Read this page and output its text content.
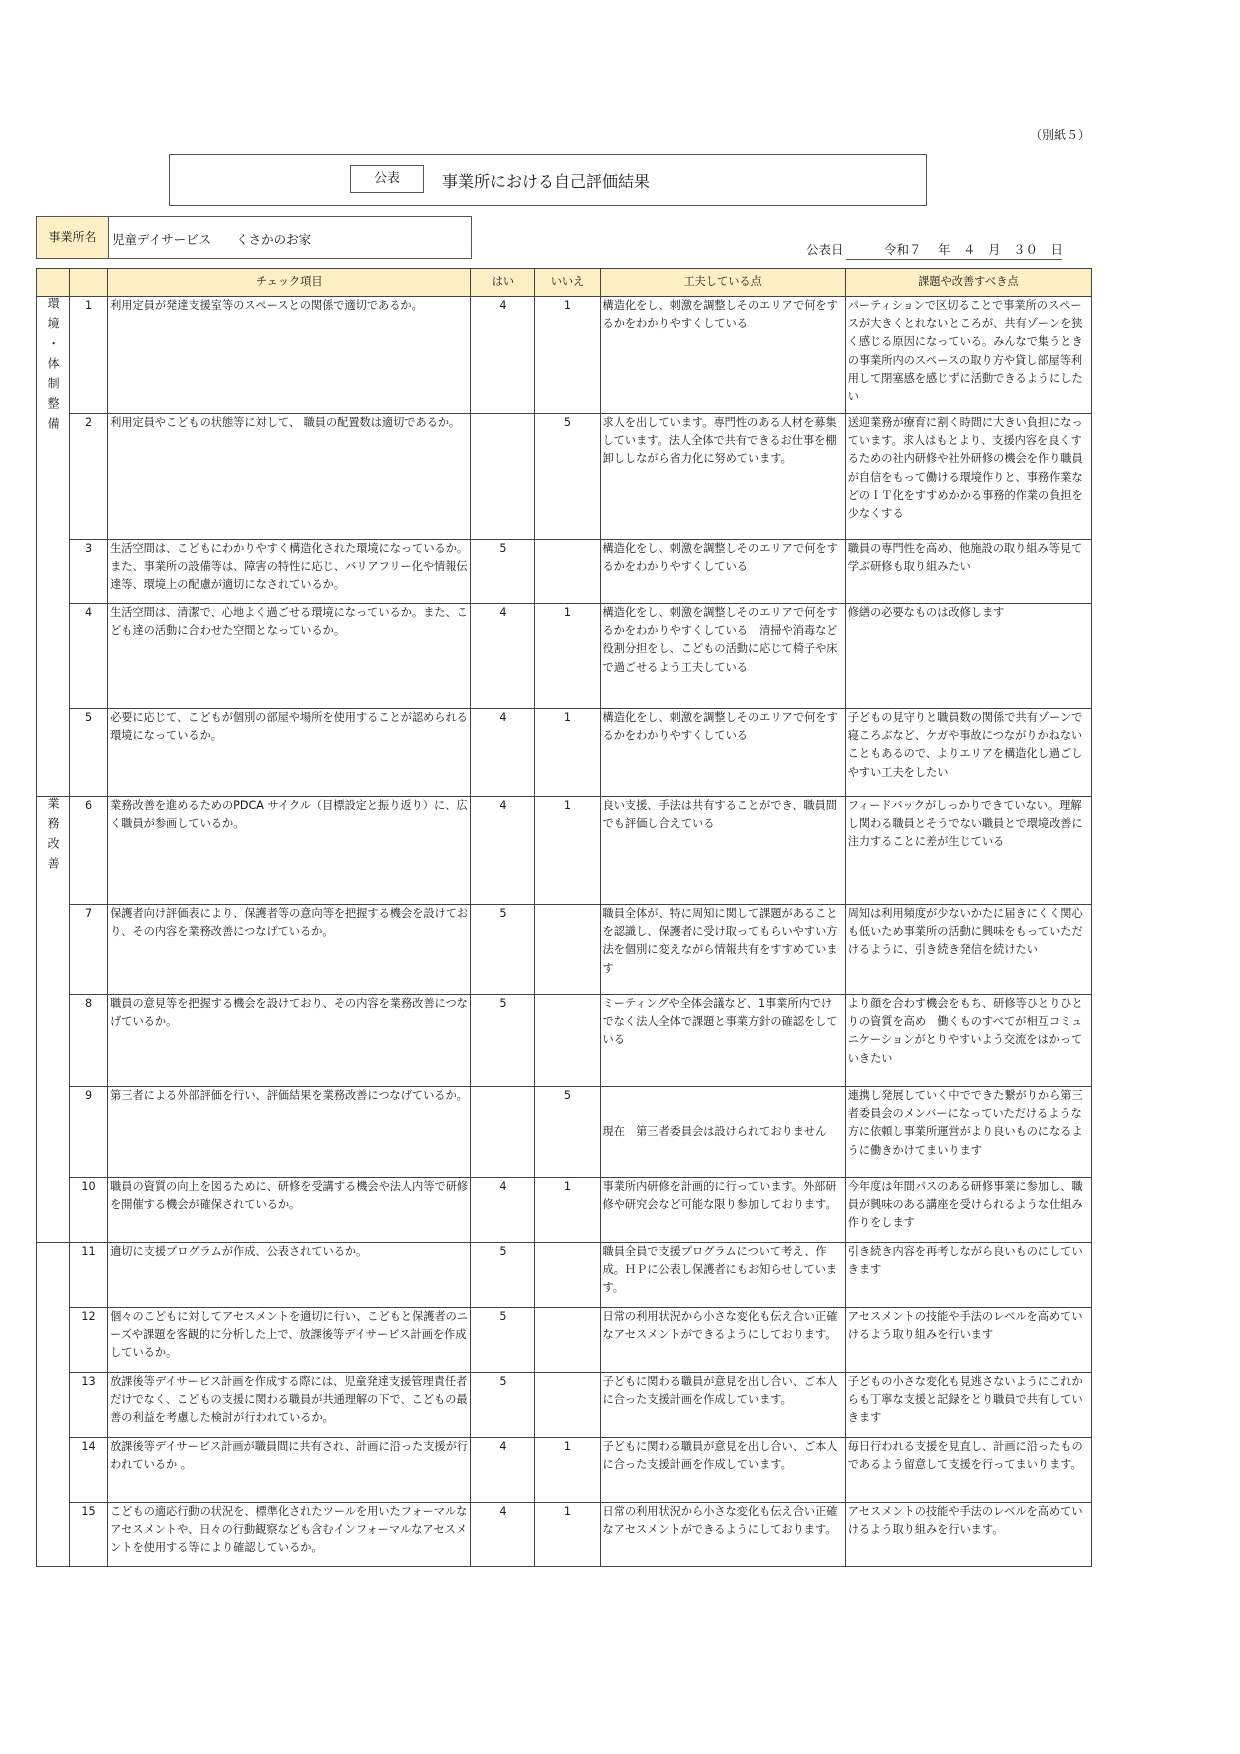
（別紙５）
公表	事業所における自己評価結果
事業所名	児童デイサービス　　くさかのお家
公表日	令和７　 年　４　月　３０　日
		チェック項目	はい	いいえ	工夫している点	課題や改善すべき点
環境・体制整備	1	利用定員が発達支援室等のスペースとの関係で適切であるか。	4	1	構造化をし、刺激を調整しそのエリアで何をするかをわかりやすくしている	パーティションで区切ることで事業所のスペースが大きくとれないところが、共有ゾーンを狭く感じる原因になっている。みんなで集うときの事業所内のスペースの取り方や貸し部屋等利用して閉塞感を感じずに活動できるようにしたい
	2	利用定員やこどもの状態等に対して、 職員の配置数は適切であるか。		5	求人を出しています。専門性のある人材を募集しています。法人全体で共有できるお仕事を棚卸ししながら省力化に努めています。	送迎業務が療育に割く時間に大きい負担になっています。求人はもとより、支援内容を良くするための社内研修や社外研修の機会を作り職員が自信をもって働ける環境作りと、事務作業などのＩＴ化をすすめかかる事務的作業の負担を少なくする
	3	生活空間は、こどもにわかりやすく構造化された環境になっているか。また、事業所の設備等は、障害の特性に応じ、バリアフリー化や情報伝達等、環境上の配慮が適切になされているか。	5		構造化をし、刺激を調整しそのエリアで何をするかをわかりやすくしている	職員の専門性を高め、他施設の取り組み等見て学ぶ研修も取り組みたい
	4	生活空間は、清潔で、心地よく過ごせる環境になっているか。また、こども達の活動に合わせた空間となっているか。	4	1	構造化をし、刺激を調整しそのエリアで何をするかをわかりやすくしている　清掃や消毒など役割分担をし、こどもの活動に応じて椅子や床で過ごせるよう工夫している	修繕の必要なものは改修します
	5	必要に応じて、こどもが個別の部屋や場所を使用することが認められる環境になっているか。	4	1	構造化をし、刺激を調整しそのエリアで何をするかをわかりやすくしている	子どもの見守りと職員数の関係で共有ゾーンで寝ころぶなど、ケガや事故につながりかねないこともあるので、よりエリアを構造化し過ごしやすい工夫をしたい
業務改善	6	業務改善を進めるためのPDCA サイクル（目標設定と振り返り）に、広く職員が参画しているか。	4	1	良い支援、手法は共有することができ、職員間でも評価し合えている	フィードバックがしっかりできていない。理解し関わる職員とそうでない職員とで環境改善に注力することに差が生じている
	7	保護者向け評価表により、保護者等の意向等を把握する機会を設けており、その内容を業務改善につなげているか。	5		職員全体が、特に周知に関して課題があることを認識し、保護者に受け取ってもらいやすい方法を個別に変えながら情報共有をすすめています	周知は利用頻度が少ないかたに届きにくく関心も低いため事業所の活動に興味をもっていただけるように、引き続き発信を続けたい
	8	職員の意見等を把握する機会を設けており、その内容を業務改善につなげているか。	5		ミーティングや全体会議など、1事業所内でけでなく法人全体で課題と事業方針の確認をしている	より顔を合わす機会をもち、研修等ひとりひとりの資質を高め　働くものすべてが相互コミュニケーションがとりやすいよう交流をはかっていきたい
	9	第三者による外部評価を行い、評価結果を業務改善につなげているか。		5	現在　第三者委員会は設けられておりません	連携し発展していく中でできた繋がりから第三者委員会のメンバーになっていただけるような方に依頼し事業所運営がより良いものになるように働きかけてまいります
	10	職員の資質の向上を図るために、研修を受講する機会や法人内等で研修を開催する機会が確保されているか。	4	1	事業所内研修を計画的に行っています。外部研修や研究会など可能な限り参加しております。	今年度は年間パスのある研修事業に参加し、職員が興味のある講座を受けられるような仕組み作りをします
	11	適切に支援プログラムが作成、公表されているか。	5		職員全員で支援プログラムについて考え、作成。ＨＰに公表し保護者にもお知らせしています。	引き続き内容を再考しながら良いものにしていきます
	12	個々のこどもに対してアセスメントを適切に行い、こどもと保護者のニーズや課題を客観的に分析した上で、放課後等デイサービス計画を作成しているか。	5		日常の利用状況から小さな変化も伝え合い正確なアセスメントができるようにしております。	アセスメントの技能や手法のレベルを高めていけるよう取り組みを行います
	13	放課後等デイサービス計画を作成する際には、児童発達支援管理責任者だけでなく、こどもの支援に関わる職員が共通理解の下で、こどもの最善の利益を考慮した検討が行われているか。	5		子どもに関わる職員が意見を出し合い、ご本人に合った支援計画を作成しています。	子どもの小さな変化も見逃さないようにこれからも丁寧な支援と記録をとり職員で共有していきます
	14	放課後等デイサービス計画が職員間に共有され、計画に沿った支援が行われているか 。	4	1	子どもに関わる職員が意見を出し合い、ご本人に合った支援計画を作成しています。	毎日行われる支援を見直し、計画に沿ったものであるよう留意して支援を行ってまいります。
	15	こどもの適応行動の状況を、標準化されたツールを用いたフォーマルなアセスメントや、日々の行動観察なども含むインフォーマルなアセスメントを使用する等により確認しているか。	4	1	日常の利用状況から小さな変化も伝え合い正確なアセスメントができるようにしております。	アセスメントの技能や手法のレベルを高めていけるよう取り組みを行います。
